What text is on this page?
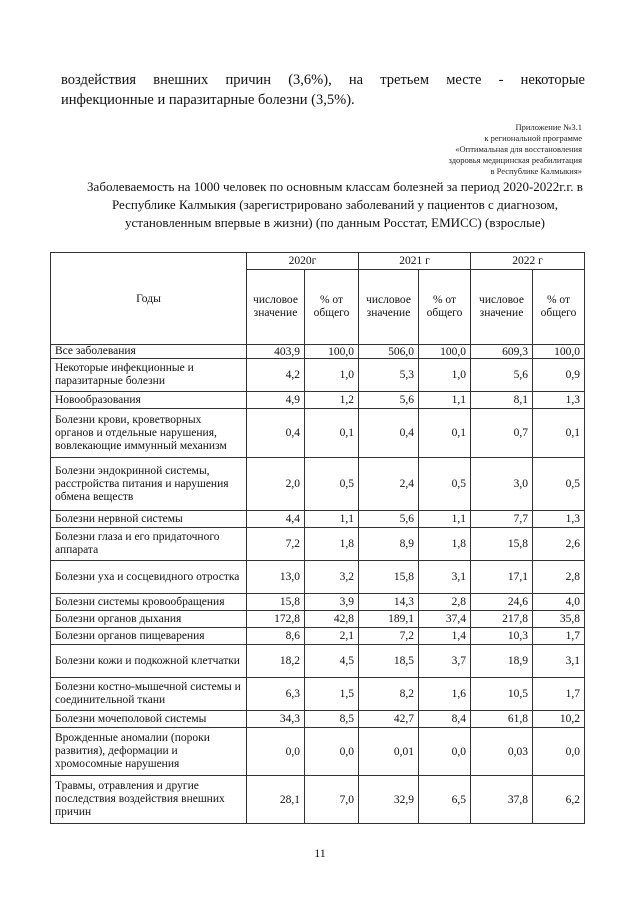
воздействия внешних причин (3,6%), на третьем месте - некоторые

инфекционные и паразитарные болезни (3,5%).

Приложение №3.1
к региональной программе
«Оптимальная для восстановления
здоровья медицинская реабилитация
в Республике Калмыкия»
Заболеваемость на 1000 человек по основным классам болезней за период 2020-2022г.г. в Республике Калмыкия (зарегистрировано заболеваний у пациентов с диагнозом, установленным впервые в жизни) (по данным Росстат, ЕМИСС) (взрослые)
Годы	2020г		2021 г		2022 г	
	числовое значение	% от общего	числовое значение	% от общего	числовое значение	% от общего
Все заболевания	403,9	100,0	506,0	100,0	609,3	100,0
Некоторые инфекционные и паразитарные болезни	4,2	1,0	5,3	1,0	5,6	0,9
Новообразования	4,9	1,2	5,6	1,1	8,1	1,3
Болезни крови, кроветворных органов и отдельные нарушения, вовлекающие иммунный механизм	0,4	0,1	0,4	0,1	0,7	0,1
Болезни эндокринной системы, расстройства питания и нарушения обмена веществ	2,0	0,5	2,4	0,5	3,0	0,5
Болезни нервной системы	4,4	1,1	5,6	1,1	7,7	1,3
Болезни глаза и его придаточного аппарата	7,2	1,8	8,9	1,8	15,8	2,6
Болезни уха и сосцевидного отростка	13,0	3,2	15,8	3,1	17,1	2,8
Болезни системы кровообращения	15,8	3,9	14,3	2,8	24,6	4,0
Болезни органов дыхания	172,8	42,8	189,1	37,4	217,8	35,8
Болезни органов пищеварения	8,6	2,1	7,2	1,4	10,3	1,7
Болезни кожи и подкожной клетчатки	18,2	4,5	18,5	3,7	18,9	3,1
Болезни костно-мышечной системы и соединительной ткани	6,3	1,5	8,2	1,6	10,5	1,7
Болезни мочеполовой системы	34,3	8,5	42,7	8,4	61,8	10,2
Врожденные аномалии (пороки развития), деформации и хромосомные нарушения	0,0	0,0	0,01	0,0	0,03	0,0
Травмы, отравления и другие последствия воздействия внешних причин	28,1	7,0	32,9	6,5	37,8	6,2
11
